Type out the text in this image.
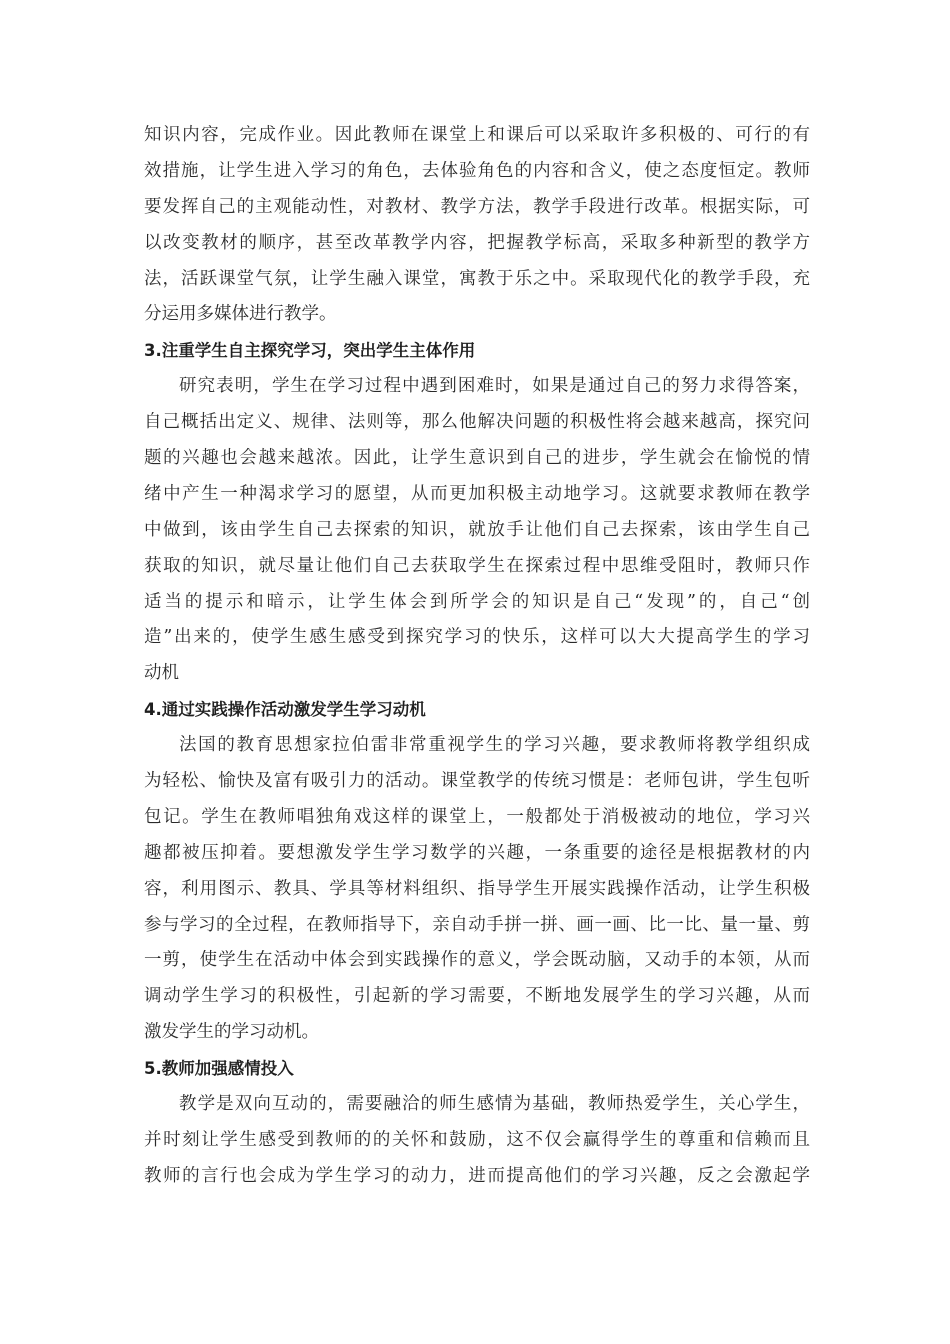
知识内容，完成作业。因此教师在课堂上和课后可以采取许多积极的、可行的有
效措施，让学生进入学习的角色，去体验角色的内容和含义，使之态度恒定。教师
要发挥自己的主观能动性，对教材、教学方法，教学手段进行改革。根据实际，可
以改变教材的顺序，甚至改革教学内容，把握教学标高，采取多种新型的教学方
法，活跃课堂气氛，让学生融入课堂，寓教于乐之中。采取现代化的教学手段，充
分运用多媒体进行教学。
3.注重学生自主探究学习，突出学生主体作用
研究表明，学生在学习过程中遇到困难时，如果是通过自己的努力求得答案，
自己概括出定义、规律、法则等，那么他解决问题的积极性将会越来越高，探究问
题的兴趣也会越来越浓。因此，让学生意识到自己的进步，学生就会在愉悦的情
绪中产生一种渴求学习的愿望，从而更加积极主动地学习。这就要求教师在教学
中做到，该由学生自己去探索的知识，就放手让他们自己去探索，该由学生自己
获取的知识，就尽量让他们自己去获取学生在探索过程中思维受阻时，教师只作
适当的提示和暗示，让学生体会到所学会的知识是自己“发现”的，自己“创
造”出来的，使学生感生感受到探究学习的快乐，这样可以大大提高学生的学习
动机
4.通过实践操作活动激发学生学习动机
法国的教育思想家拉伯雷非常重视学生的学习兴趣，要求教师将教学组织成
为轻松、愉快及富有吸引力的活动。课堂教学的传统习惯是：老师包讲，学生包听
包记。学生在教师唱独角戏这样的课堂上，一般都处于消极被动的地位，学习兴
趣都被压抑着。要想激发学生学习数学的兴趣，一条重要的途径是根据教材的内
容，利用图示、教具、学具等材料组织、指导学生开展实践操作活动，让学生积极
参与学习的全过程，在教师指导下，亲自动手拼一拼、画一画、比一比、量一量、剪
一剪，使学生在活动中体会到实践操作的意义，学会既动脑，又动手的本领，从而
调动学生学习的积极性，引起新的学习需要，不断地发展学生的学习兴趣，从而
激发学生的学习动机。
5.教师加强感情投入
教学是双向互动的，需要融洽的师生感情为基础，教师热爱学生，关心学生，
并时刻让学生感受到教师的的关怀和鼓励，这不仅会赢得学生的尊重和信赖而且
教师的言行也会成为学生学习的动力，进而提高他们的学习兴趣，反之会激起学
